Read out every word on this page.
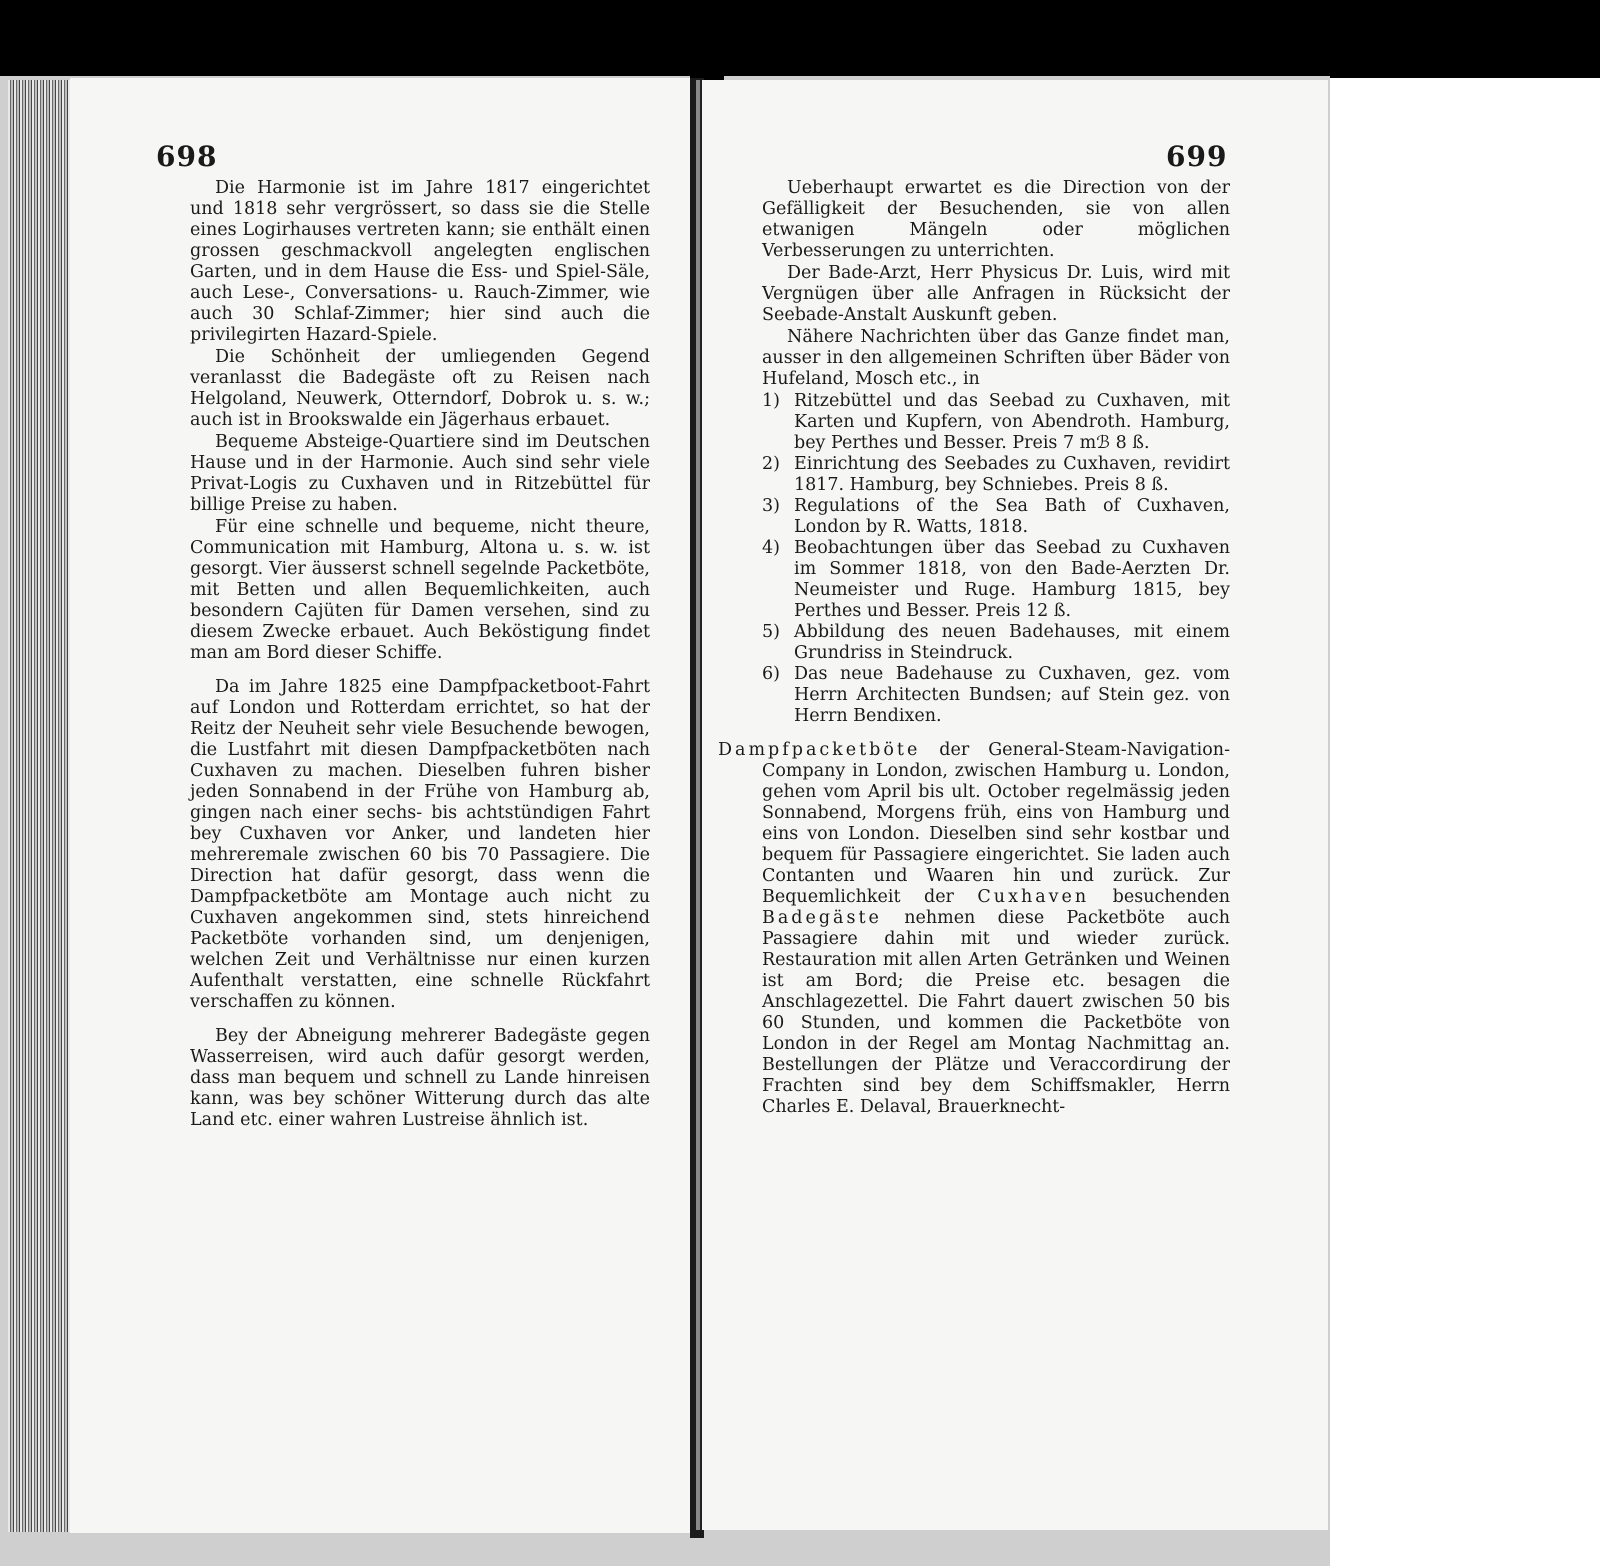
698

Die Harmonie ist im Jahre 1817 eingerichtet und 1818 sehr vergrössert, so dass sie die Stelle eines Logirhauses vertreten kann; sie enthält einen grossen geschmackvoll angelegten englischen Garten, und in dem Hause die Ess- und Spiel-Säle, auch Lese-, Conversations- u. Rauch-Zimmer, wie auch 30 Schlaf-Zimmer; hier sind auch die privilegirten Hazard-Spiele.

Die Schönheit der umliegenden Gegend veranlasst die Badegäste oft zu Reisen nach Helgoland, Neuwerk, Otterndorf, Dobrok u. s. w.; auch ist in Brookswalde ein Jägerhaus erbauet.

Bequeme Absteige-Quartiere sind im Deutschen Hause und in der Harmonie. Auch sind sehr viele Privat-Logis zu Cuxhaven und in Ritzebüttel für billige Preise zu haben.

Für eine schnelle und bequeme, nicht theure, Communication mit Hamburg, Altona u. s. w. ist gesorgt. Vier äusserst schnell segelnde Packetböte, mit Betten und allen Bequemlichkeiten, auch besondern Cajüten für Damen versehen, sind zu diesem Zwecke erbauet. Auch Beköstigung findet man am Bord dieser Schiffe.

Da im Jahre 1825 eine Dampfpacketboot-Fahrt auf London und Rotterdam errichtet, so hat der Reitz der Neuheit sehr viele Besuchende bewogen, die Lustfahrt mit diesen Dampfpacketböten nach Cuxhaven zu machen. Dieselben fuhren bisher jeden Sonnabend in der Frühe von Hamburg ab, gingen nach einer sechs- bis achtstündigen Fahrt bey Cuxhaven vor Anker, und landeten hier mehreremale zwischen 60 bis 70 Passagiere. Die Direction hat dafür gesorgt, dass wenn die Dampfpacketböte am Montage auch nicht zu Cuxhaven angekommen sind, stets hinreichend Packetböte vorhanden sind, um denjenigen, welchen Zeit und Verhältnisse nur einen kurzen Aufenthalt verstatten, eine schnelle Rückfahrt verschaffen zu können.

Bey der Abneigung mehrerer Badegäste gegen Wasserreisen, wird auch dafür gesorgt werden, dass man bequem und schnell zu Lande hinreisen kann, was bey schöner Witterung durch das alte Land etc. einer wahren Lustreise ähnlich ist.

699

Ueberhaupt erwartet es die Direction von der Gefälligkeit der Besuchenden, sie von allen etwanigen Mängeln oder möglichen Verbesserungen zu unterrichten.

Der Bade-Arzt, Herr Physicus Dr. Luis, wird mit Vergnügen über alle Anfragen in Rücksicht der Seebade-Anstalt Auskunft geben.

Nähere Nachrichten über das Ganze findet man, ausser in den allgemeinen Schriften über Bäder von Hufeland, Mosch etc., in

1) Ritzebüttel und das Seebad zu Cuxhaven, mit Karten und Kupfern, von Abendroth. Hamburg, bey Perthes und Besser. Preis 7 mℬ 8 ß.
2) Einrichtung des Seebades zu Cuxhaven, revidirt 1817. Hamburg, bey Schniebes. Preis 8 ß.
3) Regulations of the Sea Bath of Cuxhaven, London by R. Watts, 1818.
4) Beobachtungen über das Seebad zu Cuxhaven im Sommer 1818, von den Bade-Aerzten Dr. Neumeister und Ruge. Hamburg 1815, bey Perthes und Besser. Preis 12 ß.
5) Abbildung des neuen Badehauses, mit einem Grundriss in Steindruck.
6) Das neue Badehause zu Cuxhaven, gez. vom Herrn Architecten Bundsen; auf Stein gez. von Herrn Bendixen.

Dampfpacketböte der General-Steam-Navigation-Company in London, zwischen Hamburg u. London, gehen vom April bis ult. October regelmässig jeden Sonnabend, Morgens früh, eins von Hamburg und eins von London. Dieselben sind sehr kostbar und bequem für Passagiere eingerichtet. Sie laden auch Contanten und Waaren hin und zurück. Zur Bequemlichkeit der Cuxhaven besuchenden Badegäste nehmen diese Packetböte auch Passagiere dahin mit und wieder zurück. Restauration mit allen Arten Getränken und Weinen ist am Bord; die Preise etc. besagen die Anschlagezettel. Die Fahrt dauert zwischen 50 bis 60 Stunden, und kommen die Packetböte von London in der Regel am Montag Nachmittag an. Bestellungen der Plätze und Veraccordirung der Frachten sind bey dem Schiffsmakler, Herrn Charles E. Delaval, Brauerknecht-
